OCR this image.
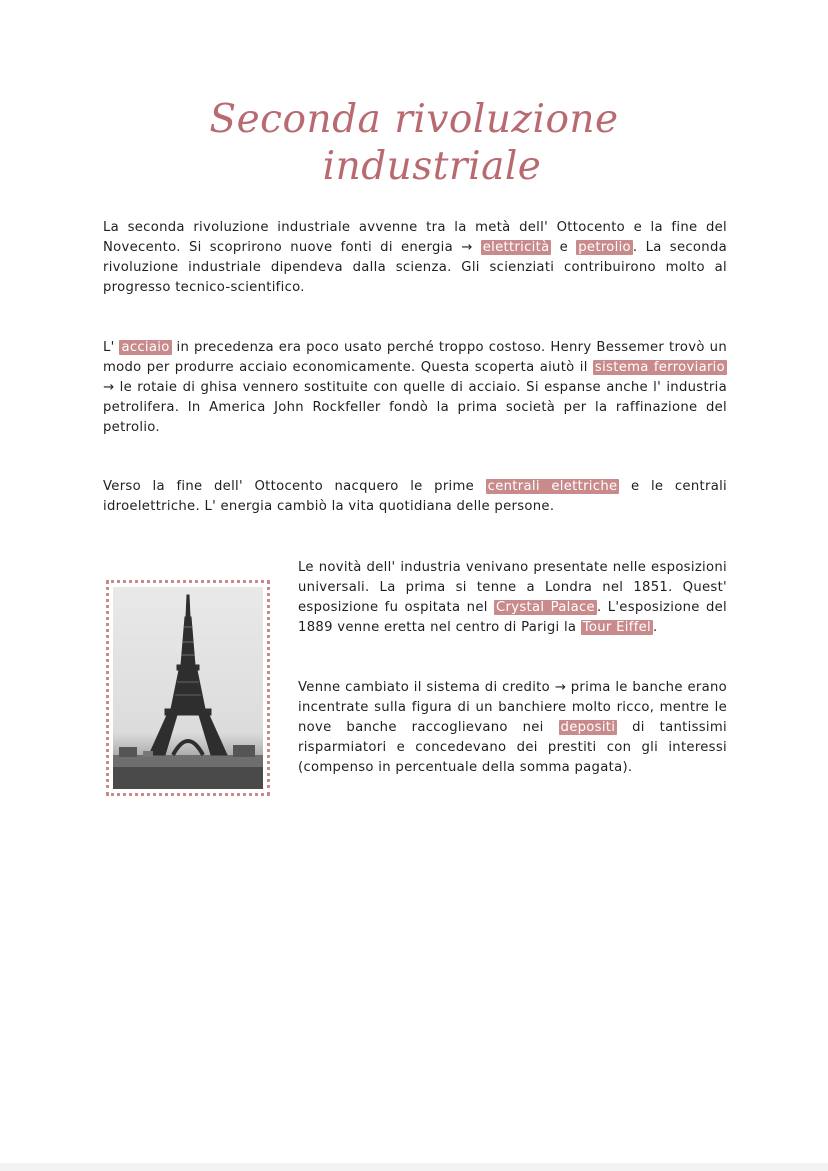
Seconda rivoluzione
industriale

La seconda rivoluzione industriale avvenne tra la metà dell' Ottocento e la fine del Novecento. Si scoprirono nuove fonti di energia → elettricità e petrolio . La seconda rivoluzione industriale dipendeva dalla scienza. Gli scienziati contribuirono molto al progresso tecnico-scientifico.

L' acciaio in precedenza era poco usato perché troppo costoso. Henry Bessemer trovò un modo per produrre acciaio economicamente. Questa scoperta aiutò il sistema ferroviario → le rotaie di ghisa vennero sostituite con quelle di acciaio. Si espanse anche l' industria petrolifera. In America John Rockfeller fondò la prima società per la raffinazione del petrolio.

Verso la fine dell' Ottocento nacquero le prime centrali elettriche e le centrali idroelettriche. L' energia cambiò la vita quotidiana delle persone.

Le novità dell' industria venivano presentate nelle esposizioni universali. La prima si tenne a Londra nel 1851. Quest' esposizione fu ospitata nel Crystal Palace . L'esposizione del 1889 venne eretta nel centro di Parigi la Tour Eiffel .

Venne cambiato il sistema di credito → prima le banche erano incentrate sulla figura di un banchiere molto ricco, mentre le nove banche raccoglievano nei depositi di tantissimi risparmiatori e concedevano dei prestiti con gli interessi (compenso in percentuale della somma pagata).
